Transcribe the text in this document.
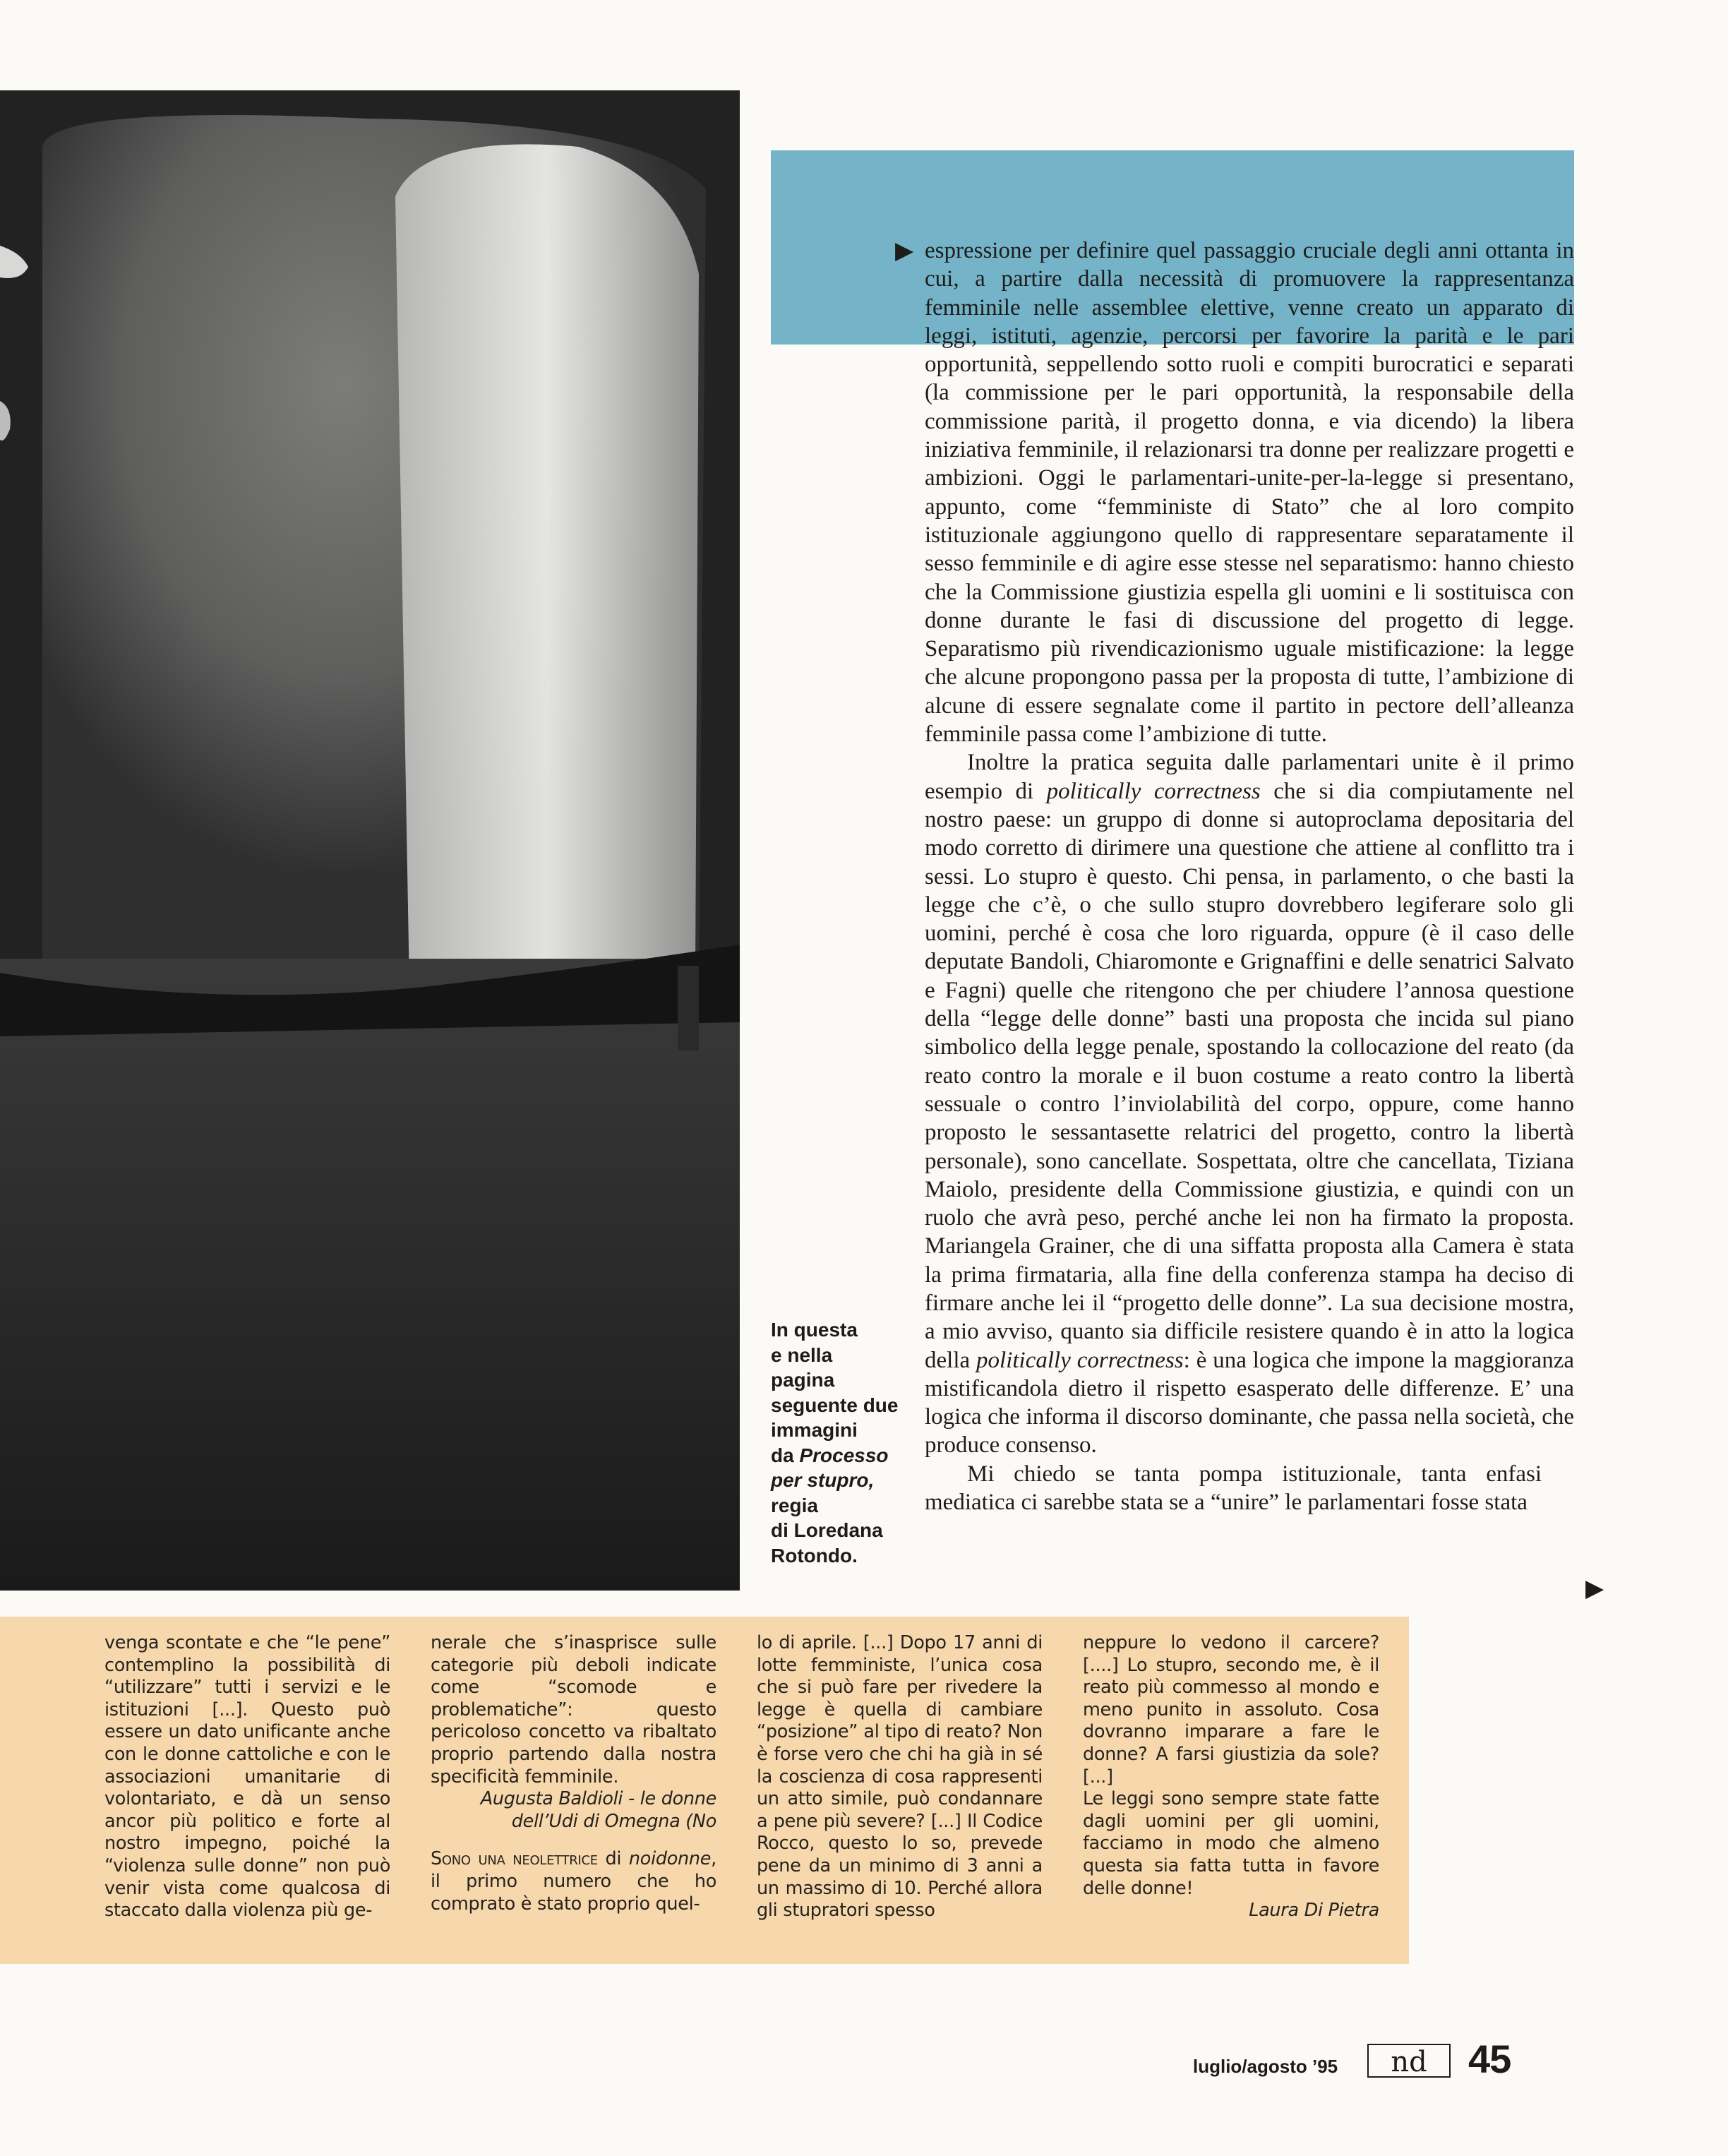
▶ espressione per definire quel passaggio cruciale degli anni ottanta in cui, a partire dalla necessità di promuovere la rappresentanza femminile nelle assemblee elettive, venne creato un apparato di leggi, istituti, agenzie, percorsi per favorire la parità e le pari opportunità, seppellendo sotto ruoli e compiti burocratici e separati (la commissione per le pari opportunità, la responsabile della commissione parità, il progetto donna, e via dicendo) la libera iniziativa femminile, il relazionarsi tra donne per realizzare progetti e ambizioni. Oggi le parlamentari-unite-per-la-legge si presentano, appunto, come “femministe di Stato” che al loro compito istituzionale aggiungono quello di rappresentare separatamente il sesso femminile e di agire esse stesse nel separatismo: hanno chiesto che la Commissione giustizia espella gli uomini e li sostituisca con donne durante le fasi di discussione del progetto di legge. Separatismo più rivendicazionismo uguale mistificazione: la legge che alcune propongono passa per la proposta di tutte, l’ambizione di alcune di essere segnalate come il partito in pectore dell’alleanza femminile passa come l’ambizione di tutte.

Inoltre la pratica seguita dalle parlamentari unite è il primo esempio di politically correctness che si dia compiutamente nel nostro paese: un gruppo di donne si autoproclama depositaria del modo corretto di dirimere una questione che attiene al conflitto tra i sessi. Lo stupro è questo. Chi pensa, in parlamento, o che basti la legge che c’è, o che sullo stupro dovrebbero legiferare solo gli uomini, perché è cosa che loro riguarda, oppure (è il caso delle deputate Bandoli, Chiaromonte e Grignaffini e delle senatrici Salvato e Fagni) quelle che ritengono che per chiudere l’annosa questione della “legge delle donne” basti una proposta che incida sul piano simbolico della legge penale, spostando la collocazione del reato (da reato contro la morale e il buon costume a reato contro la libertà sessuale o contro l’inviolabilità del corpo, oppure, come hanno proposto le sessantasette relatrici del progetto, contro la libertà personale), sono cancellate. Sospettata, oltre che cancellata, Tiziana Maiolo, presidente della Commissione giustizia, e quindi con un ruolo che avrà peso, perché anche lei non ha firmato la proposta. Mariangela Grainer, che di una siffatta proposta alla Camera è stata la prima firmataria, alla fine della conferenza stampa ha deciso di firmare anche lei il “progetto delle donne”. La sua decisione mostra, a mio avviso, quanto sia difficile resistere quando è in atto la logica della politically correctness: è una logica che impone la maggioranza mistificandola dietro il rispetto esasperato delle differenze. E’ una logica che informa il discorso dominante, che passa nella società, che produce consenso.

Mi chiedo se tanta pompa istituzionale, tanta enfasi mediatica ci sarebbe stata se a “unire” le parlamentari fosse stata

▶
In questa
e nella
pagina
seguente due
immagini
da Processo
per stupro,
regia
di Loredana
Rotondo.

venga scontate e che “le pene” contemplino la possibilità di “utilizzare” tutti i servizi e le istituzioni [...]. Questo può essere un dato unificante anche con le donne cattoliche e con le associazioni umanitarie di volontariato, e dà un senso ancor più politico e forte al nostro impegno, poiché la “violenza sulle donne” non può venir vista come qualcosa di staccato dalla violenza più ge-

nerale che s’inasprisce sulle categorie più deboli indicate come “scomode e problematiche”: questo pericoloso concetto va ribaltato proprio partendo dalla nostra specificità femminile.

Augusta Baldioli - le donne dell’Udi di Omegna (No

Sono una neolettrice di noidonne, il primo numero che ho comprato è stato proprio quel-

lo di aprile. [...] Dopo 17 anni di lotte femministe, l’unica cosa che si può fare per rivedere la legge è quella di cambiare “posizione” al tipo di reato? Non è forse vero che chi ha già in sé la coscienza di cosa rappresenti un atto simile, può condannare a pene più severe? [...] Il Codice Rocco, questo lo so, prevede pene da un minimo di 3 anni a un massimo di 10. Perché allora gli stupratori spesso

neppure lo vedono il carcere? [....] Lo stupro, secondo me, è il reato più commesso al mondo e meno punito in assoluto. Cosa dovranno imparare a fare le donne? A farsi giustizia da sole? [...]

Le leggi sono sempre state fatte dagli uomini per gli uomini, facciamo in modo che almeno questa sia fatta tutta in favore delle donne!

Laura Di Pietra

luglio/agosto ’95 nd 45
